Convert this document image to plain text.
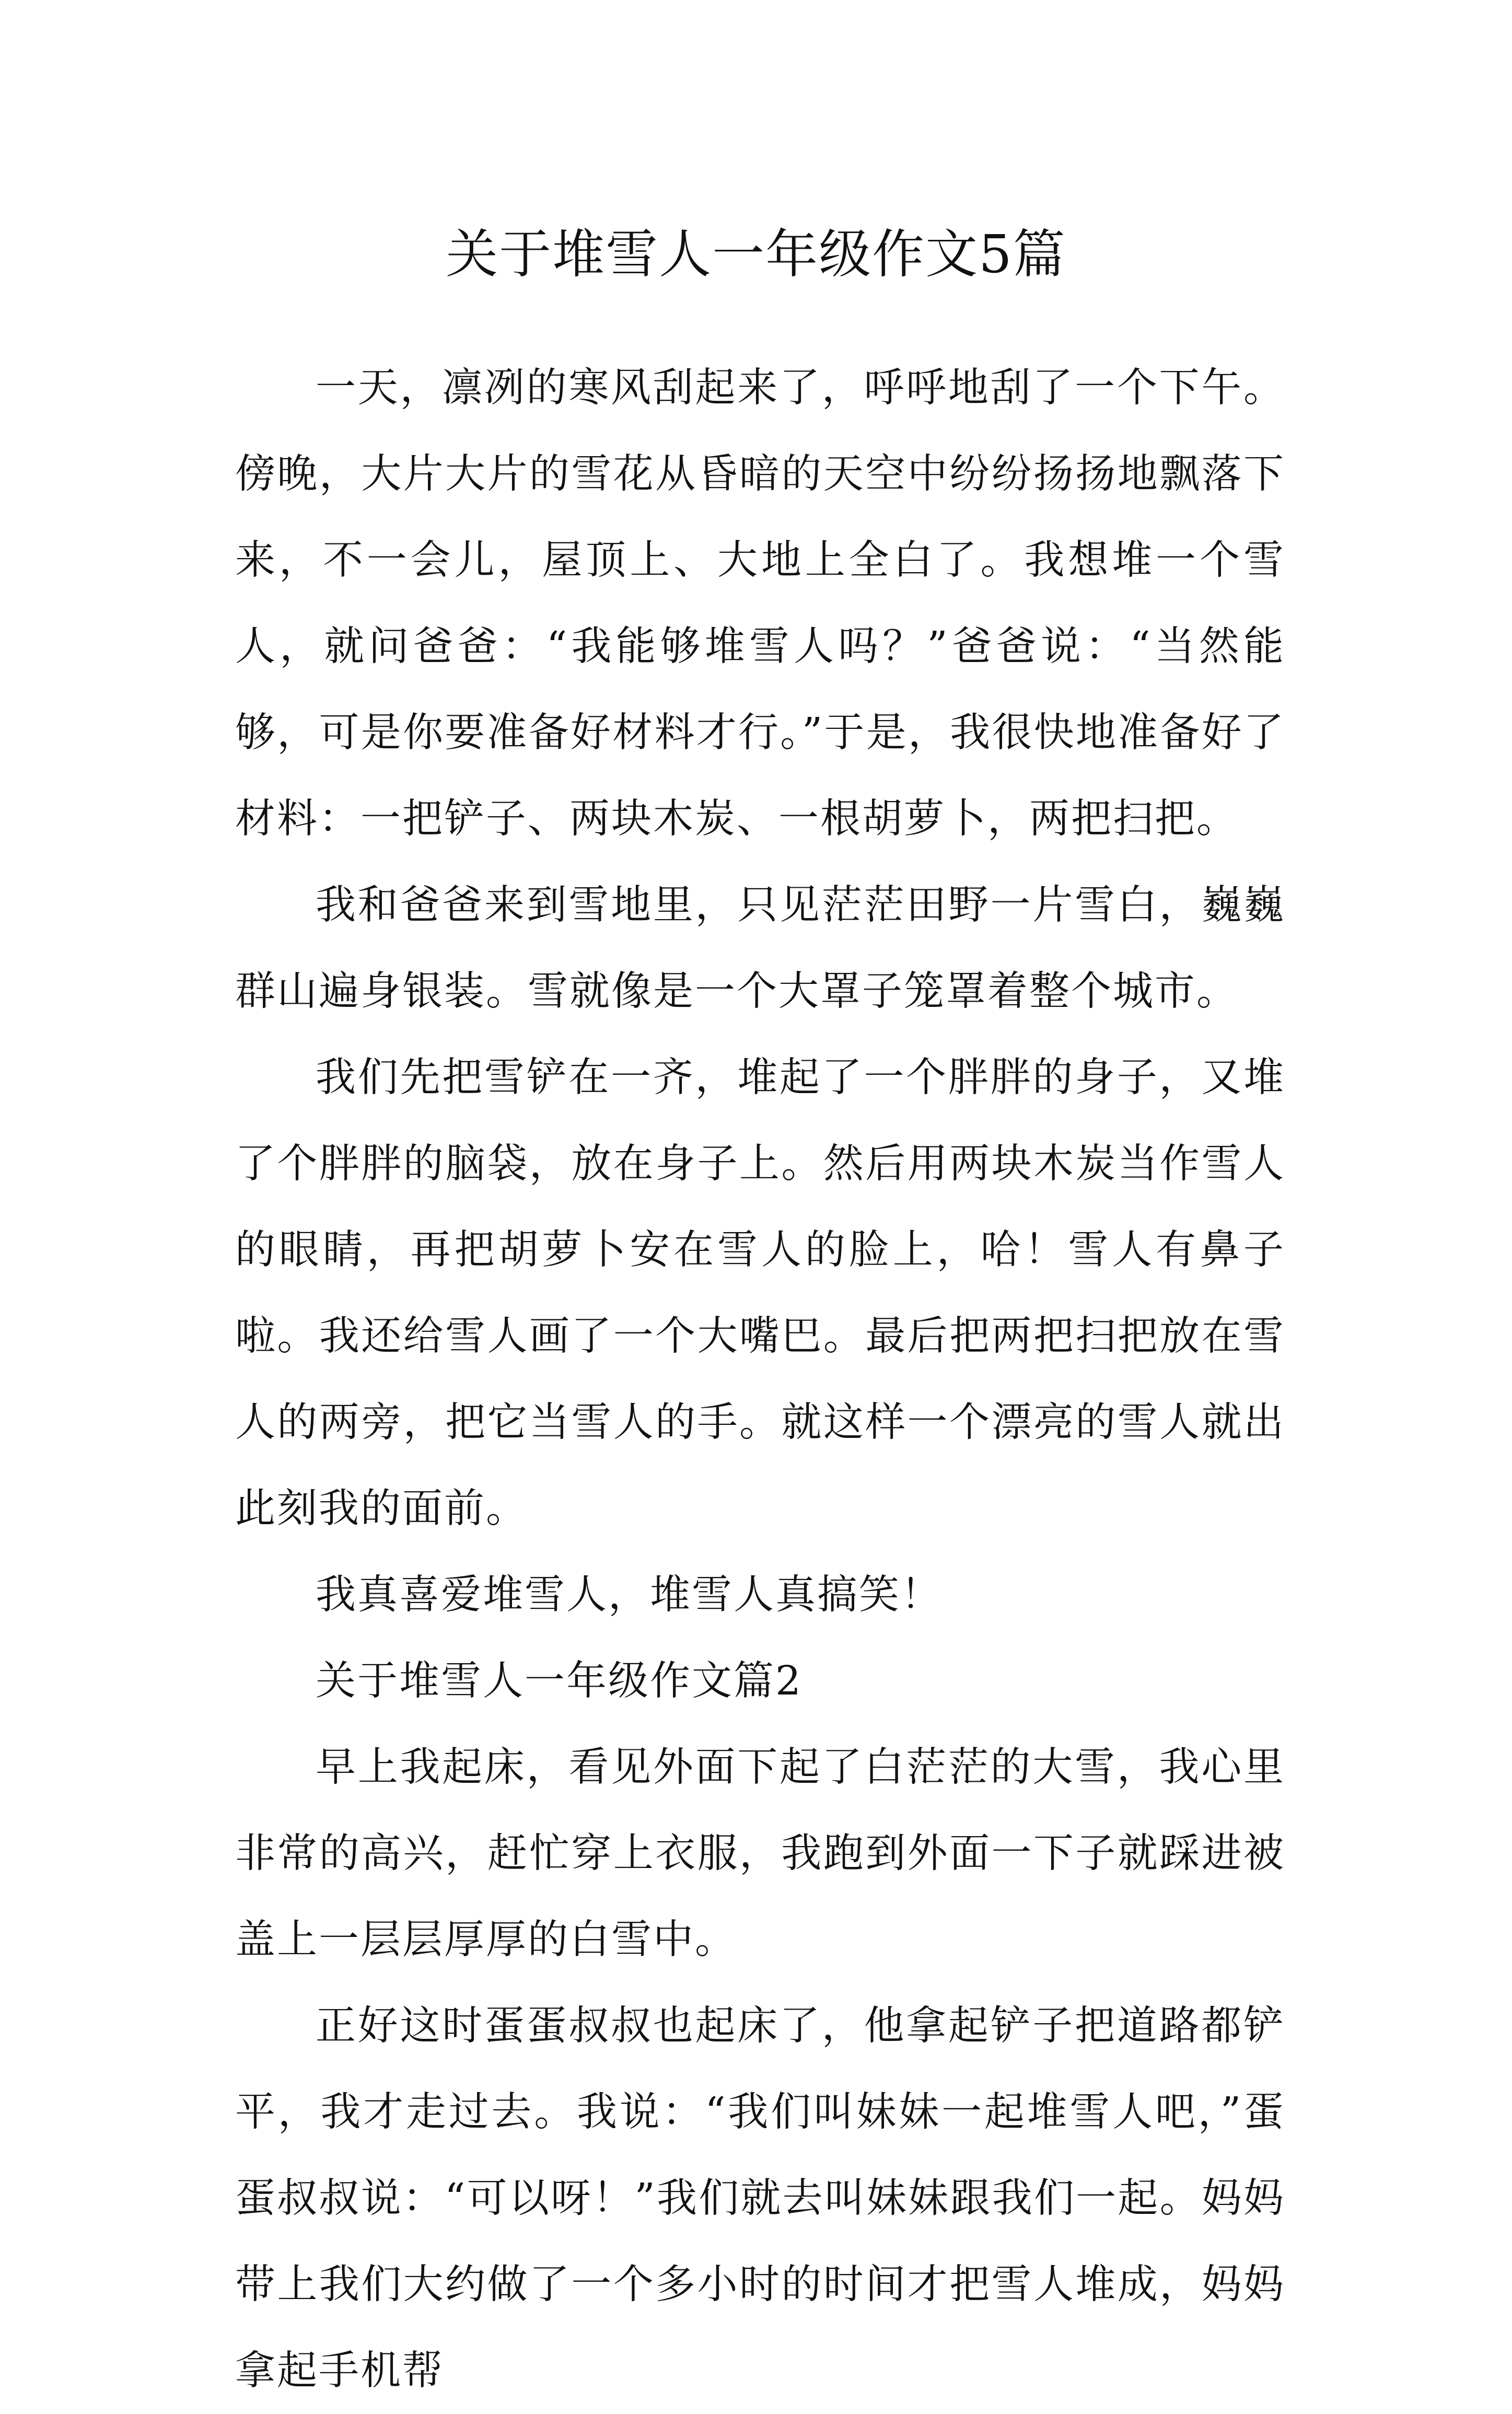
关于堆雪人一年级作文5篇

一天，凛冽的寒风刮起来了，呼呼地刮了一个下午。傍晚，大片大片的雪花从昏暗的天空中纷纷扬扬地飘落下来，不一会儿，屋顶上、大地上全白了。我想堆一个雪人，就问爸爸：“我能够堆雪人吗？”爸爸说：“当然能够，可是你要准备好材料才行。”于是，我很快地准备好了材料：一把铲子、两块木炭、一根胡萝卜，两把扫把。

我和爸爸来到雪地里，只见茫茫田野一片雪白，巍巍群山遍身银装。雪就像是一个大罩子笼罩着整个城市。

我们先把雪铲在一齐，堆起了一个胖胖的身子，又堆了个胖胖的脑袋，放在身子上。然后用两块木炭当作雪人的眼睛，再把胡萝卜安在雪人的脸上，哈！雪人有鼻子啦。我还给雪人画了一个大嘴巴。最后把两把扫把放在雪人的两旁，把它当雪人的手。就这样一个漂亮的雪人就出此刻我的面前。

我真喜爱堆雪人，堆雪人真搞笑！

关于堆雪人一年级作文篇2

早上我起床，看见外面下起了白茫茫的大雪，我心里非常的高兴，赶忙穿上衣服，我跑到外面一下子就踩进被盖上一层层厚厚的白雪中。

正好这时蛋蛋叔叔也起床了，他拿起铲子把道路都铲平，我才走过去。我说：“我们叫妹妹一起堆雪人吧，”蛋蛋叔叔说：“可以呀！”我们就去叫妹妹跟我们一起。妈妈带上我们大约做了一个多小时的时间才把雪人堆成，妈妈拿起手机帮
